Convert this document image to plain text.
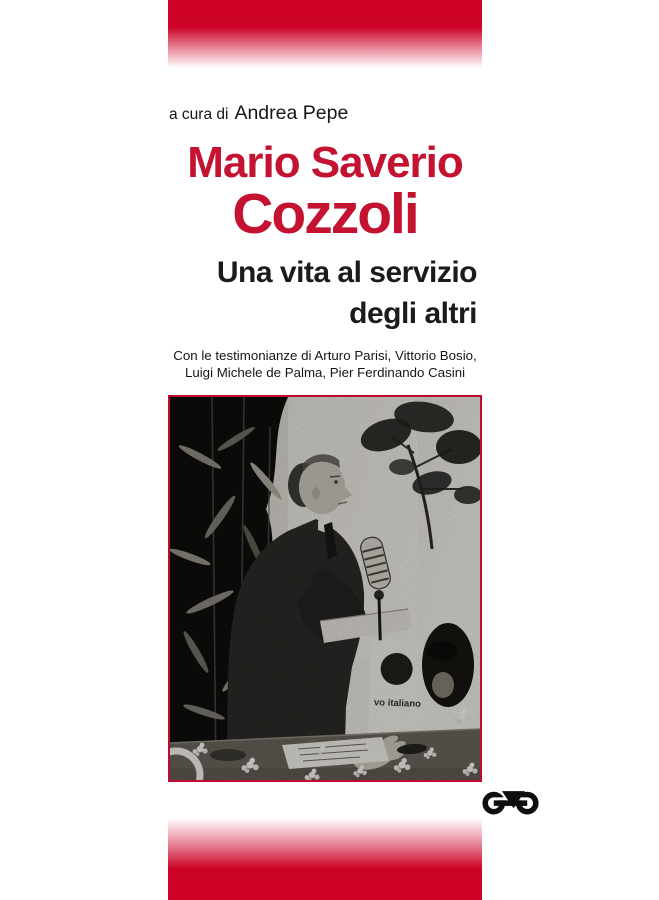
a cura di Andrea Pepe
Mario Saverio
Cozzoli
Una vita al servizio
degli altri
Con le testimonianze di Arturo Parisi, Vittorio Bosio,
Luigi Michele de Palma, Pier Ferdinando Casini
vo italiano
